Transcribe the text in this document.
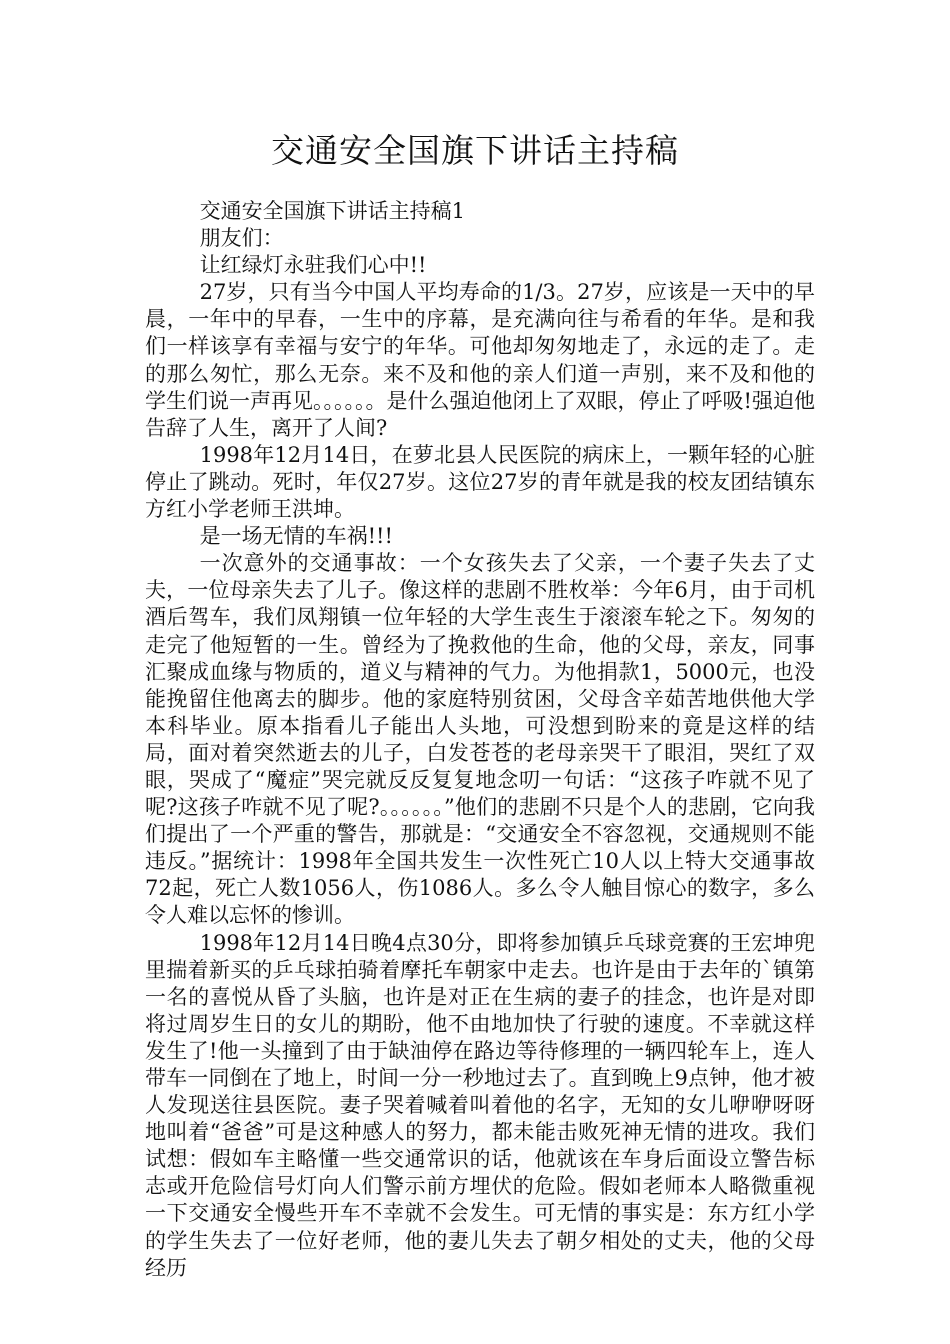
交通安全国旗下讲话主持稿

交通安全国旗下讲话主持稿1

朋友们：

让红绿灯永驻我们心中!!

27岁，只有当今中国人平均寿命的1/3。27岁，应该是一天中的早晨，一年中的早春，一生中的序幕，是充满向往与希看的年华。是和我们一样该享有幸福与安宁的年华。可他却匆匆地走了，永远的走了。走的那么匆忙，那么无奈。来不及和他的亲人们道一声别，来不及和他的学生们说一声再见。。。。。。是什么强迫他闭上了双眼，停止了呼吸!强迫他告辞了人生，离开了人间?

1998年12月14日，在萝北县人民医院的病床上，一颗年轻的心脏停止了跳动。死时，年仅27岁。这位27岁的青年就是我的校友团结镇东方红小学老师王洪坤。

是一场无情的车祸!!!

一次意外的交通事故：一个女孩失去了父亲，一个妻子失去了丈夫，一位母亲失去了儿子。像这样的悲剧不胜枚举：今年6月，由于司机酒后驾车，我们凤翔镇一位年轻的大学生丧生于滚滚车轮之下。匆匆的走完了他短暂的一生。曾经为了挽救他的生命，他的父母，亲友，同事汇聚成血缘与物质的，道义与精神的气力。为他捐款1，5000元，也没能挽留住他离去的脚步。他的家庭特别贫困，父母含辛茹苦地供他大学本科毕业。原本指看儿子能出人头地，可没想到盼来的竟是这样的结局，面对着突然逝去的儿子，白发苍苍的老母亲哭干了眼泪，哭红了双眼，哭成了“魔症”哭完就反反复复地念叨一句话：“这孩子咋就不见了呢?这孩子咋就不见了呢?。。。。。。”他们的悲剧不只是个人的悲剧，它向我们提出了一个严重的警告，那就是：“交通安全不容忽视，交通规则不能违反。”据统计：1998年全国共发生一次性死亡10人以上特大交通事故72起，死亡人数1056人，伤1086人。多么令人触目惊心的数字，多么令人难以忘怀的惨训。

1998年12月14日晚4点30分，即将参加镇乒乓球竞赛的王宏坤兜里揣着新买的乒乓球拍骑着摩托车朝家中走去。也许是由于去年的`镇第一名的喜悦从昏了头脑，也许是对正在生病的妻子的挂念，也许是对即将过周岁生日的女儿的期盼，他不由地加快了行驶的速度。不幸就这样发生了!他一头撞到了由于缺油停在路边等待修理的一辆四轮车上，连人带车一同倒在了地上，时间一分一秒地过去了。直到晚上9点钟，他才被人发现送往县医院。妻子哭着喊着叫着他的名字，无知的女儿咿咿呀呀地叫着“爸爸”可是这种感人的努力，都未能击败死神无情的进攻。我们试想：假如车主略懂一些交通常识的话，他就该在车身后面设立警告标志或开危险信号灯向人们警示前方埋伏的危险。假如老师本人略微重视一下交通安全慢些开车不幸就不会发生。可无情的事实是：东方红小学的学生失去了一位好老师，他的妻儿失去了朝夕相处的丈夫，他的父母经历
